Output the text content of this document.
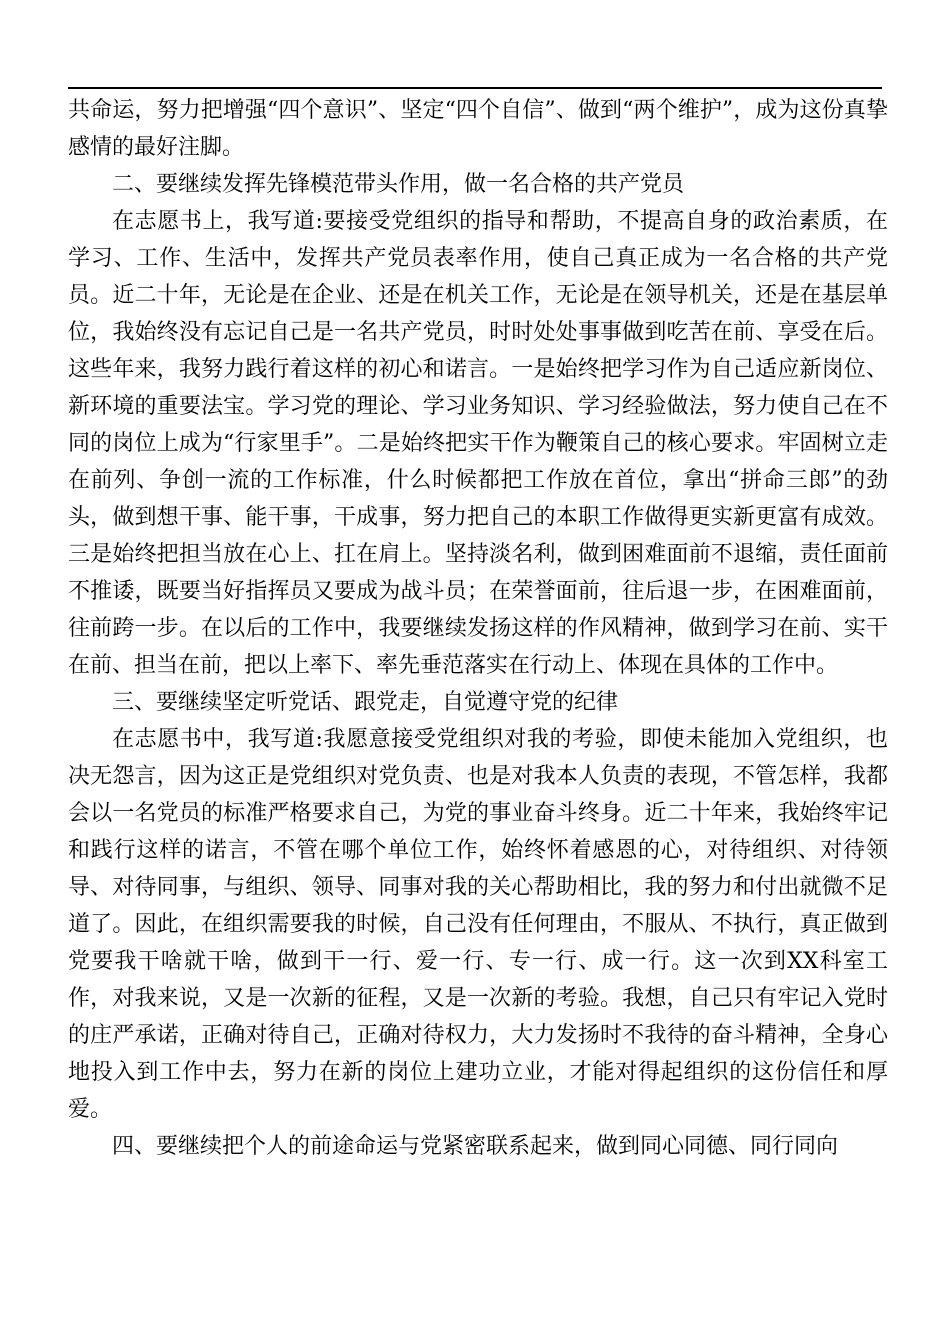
共命运，努力把增强“四个意识”、坚定“四个自信”、做到“两个维护”，成为这份真挚感情的最好注脚。

二、要继续发挥先锋模范带头作用，做一名合格的共产党员

在志愿书上，我写道:要接受党组织的指导和帮助，不提高自身的政治素质，在学习、工作、生活中，发挥共产党员表率作用，使自己真正成为一名合格的共产党员。近二十年，无论是在企业、还是在机关工作，无论是在领导机关，还是在基层单位，我始终没有忘记自己是一名共产党员，时时处处事事做到吃苦在前、享受在后。这些年来，我努力践行着这样的初心和诺言。一是始终把学习作为自己适应新岗位、新环境的重要法宝。学习党的理论、学习业务知识、学习经验做法，努力使自己在不同的岗位上成为“行家里手”。二是始终把实干作为鞭策自己的核心要求。牢固树立走在前列、争创一流的工作标准，什么时候都把工作放在首位，拿出“拼命三郎”的劲头，做到想干事、能干事，干成事，努力把自己的本职工作做得更实新更富有成效。三是始终把担当放在心上、扛在肩上。坚持淡名利，做到困难面前不退缩，责任面前不推诿，既要当好指挥员又要成为战斗员；在荣誉面前，往后退一步，在困难面前，往前跨一步。在以后的工作中，我要继续发扬这样的作风精神，做到学习在前、实干在前、担当在前，把以上率下、率先垂范落实在行动上、体现在具体的工作中。

三、要继续坚定听党话、跟党走，自觉遵守党的纪律

在志愿书中，我写道:我愿意接受党组织对我的考验，即使未能加入党组织，也决无怨言，因为这正是党组织对党负责、也是对我本人负责的表现，不管怎样，我都会以一名党员的标准严格要求自己，为党的事业奋斗终身。近二十年来，我始终牢记和践行这样的诺言，不管在哪个单位工作，始终怀着感恩的心，对待组织、对待领导、对待同事，与组织、领导、同事对我的关心帮助相比，我的努力和付出就微不足道了。因此，在组织需要我的时候，自己没有任何理由，不服从、不执行，真正做到党要我干啥就干啥，做到干一行、爱一行、专一行、成一行。这一次到XX科室工作，对我来说，又是一次新的征程，又是一次新的考验。我想，自己只有牢记入党时的庄严承诺，正确对待自己，正确对待权力，大力发扬时不我待的奋斗精神，全身心地投入到工作中去，努力在新的岗位上建功立业，才能对得起组织的这份信任和厚爱。

四、要继续把个人的前途命运与党紧密联系起来，做到同心同德、同行同向
